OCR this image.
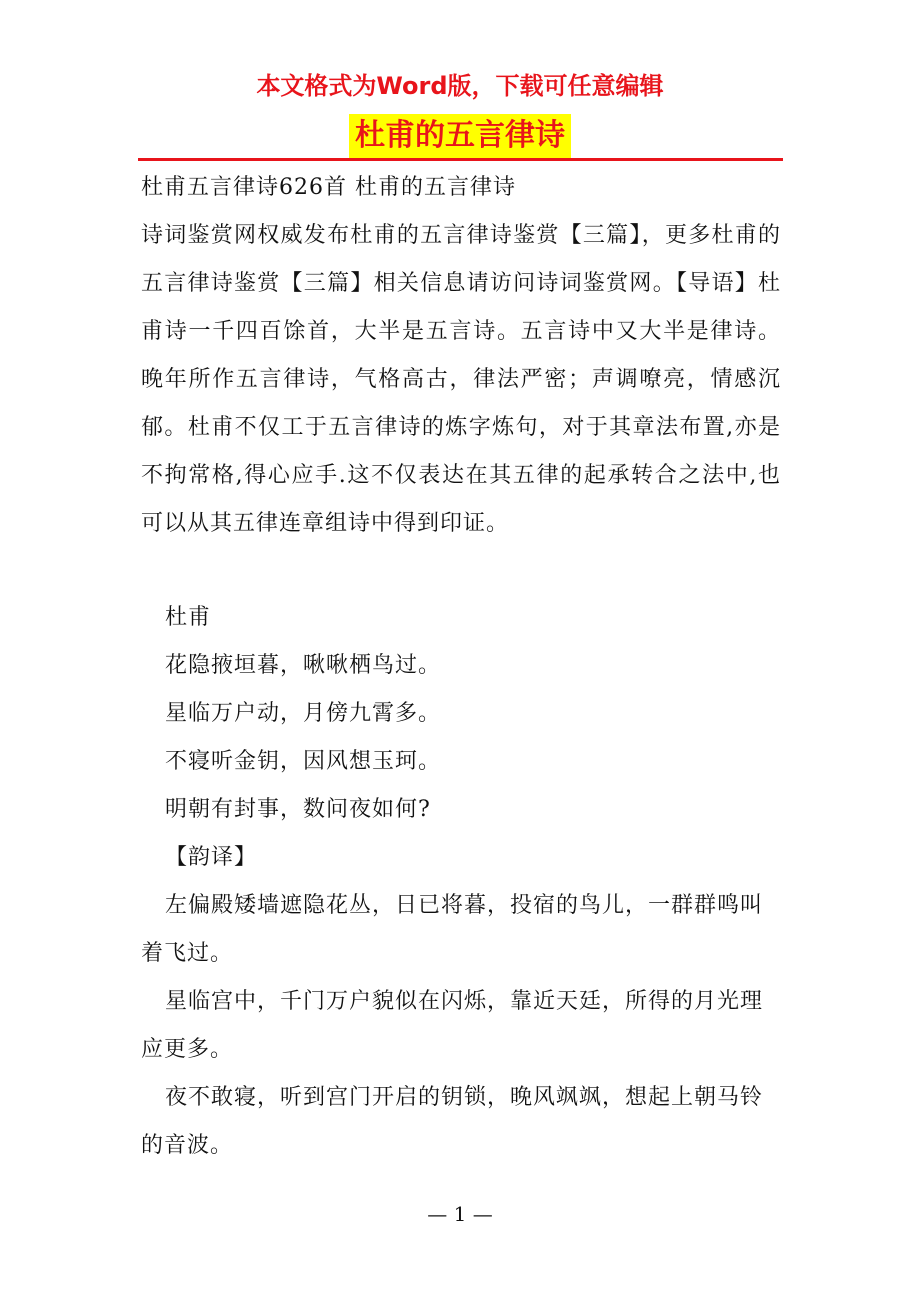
本文格式为Word版，下载可任意编辑
杜甫的五言律诗
杜甫五言律诗626首 杜甫的五言律诗
诗词鉴赏网权威发布杜甫的五言律诗鉴赏【三篇】，更多杜甫的五言律诗鉴赏【三篇】相关信息请访问诗词鉴赏网。【导语】杜甫诗一千四百馀首，大半是五言诗。五言诗中又大半是律诗。晚年所作五言律诗，气格高古，律法严密；声调嘹亮，情感沉郁。杜甫不仅工于五言律诗的炼字炼句，对于其章法布置,亦是不拘常格,得心应手.这不仅表达在其五律的起承转合之法中,也可以从其五律连章组诗中得到印证。
杜甫
花隐掖垣暮，啾啾栖鸟过。
星临万户动，月傍九霄多。
不寝听金钥，因风想玉珂。
明朝有封事，数问夜如何?
【韵译】

左偏殿矮墙遮隐花丛，日已将暮，投宿的鸟儿，一群群鸣叫着飞过。

星临宫中，千门万户貌似在闪烁，靠近天廷，所得的月光理应更多。

夜不敢寝，听到宫门开启的钥锁，晚风飒飒，想起上朝马铃的音波。

— 1 —
